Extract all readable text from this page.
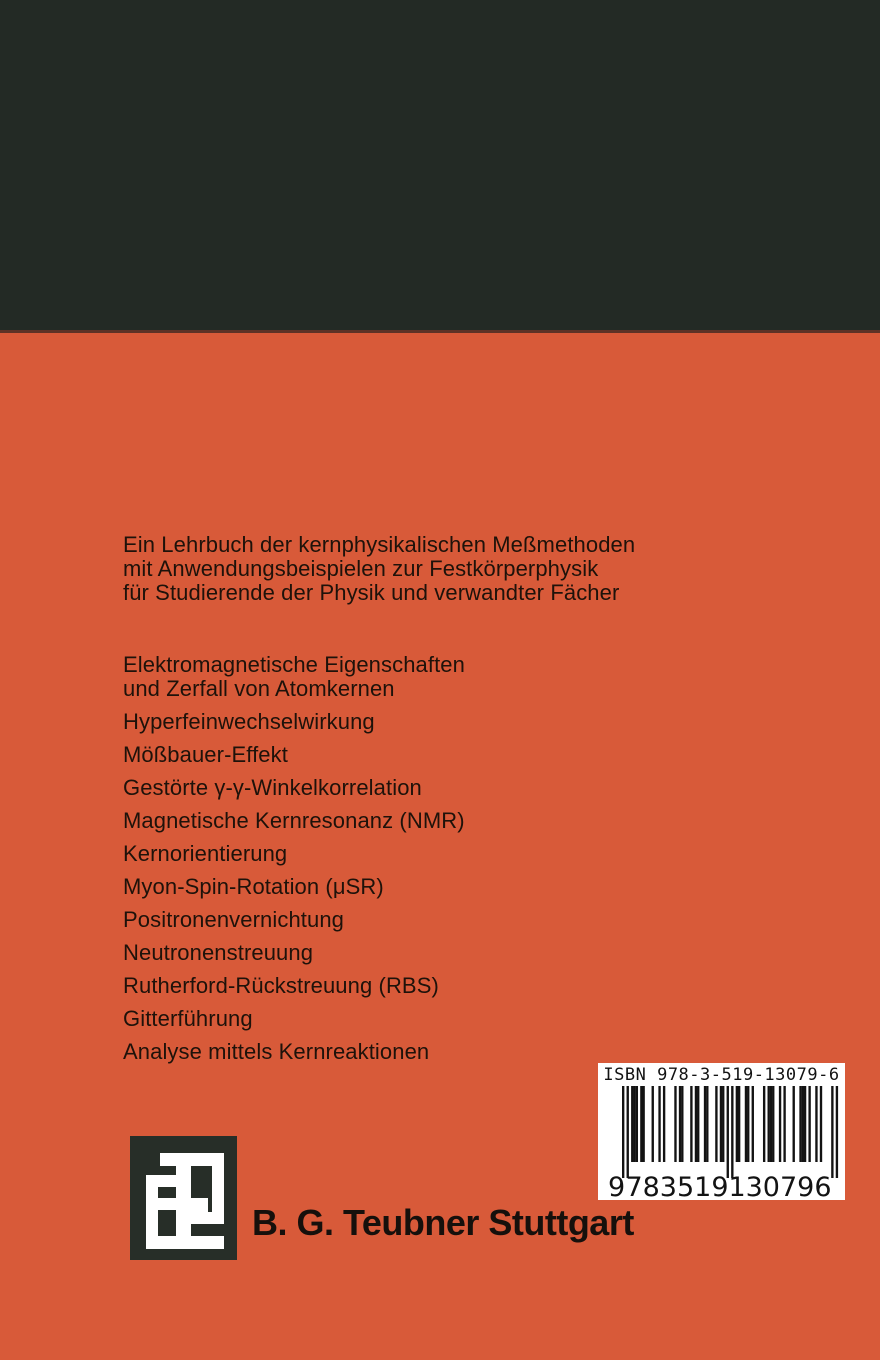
Ein Lehrbuch der kernphysikalischen Meßmethoden
mit Anwendungsbeispielen zur Festkörperphysik
für Studierende der Physik und verwandter Fächer
Elektromagnetische Eigenschaften
und Zerfall von Atomkernen
Hyperfeinwechselwirkung
Mößbauer-Effekt
Gestörte γ-γ-Winkelkorrelation
Magnetische Kernresonanz (NMR)
Kernorientierung
Myon-Spin-Rotation (μSR)
Positronenvernichtung
Neutronenstreuung
Rutherford-Rückstreuung (RBS)
Gitterführung
Analyse mittels Kernreaktionen
ISBN 978-3-519-13079-6
9 783519 130796
B. G. Teubner Stuttgart
